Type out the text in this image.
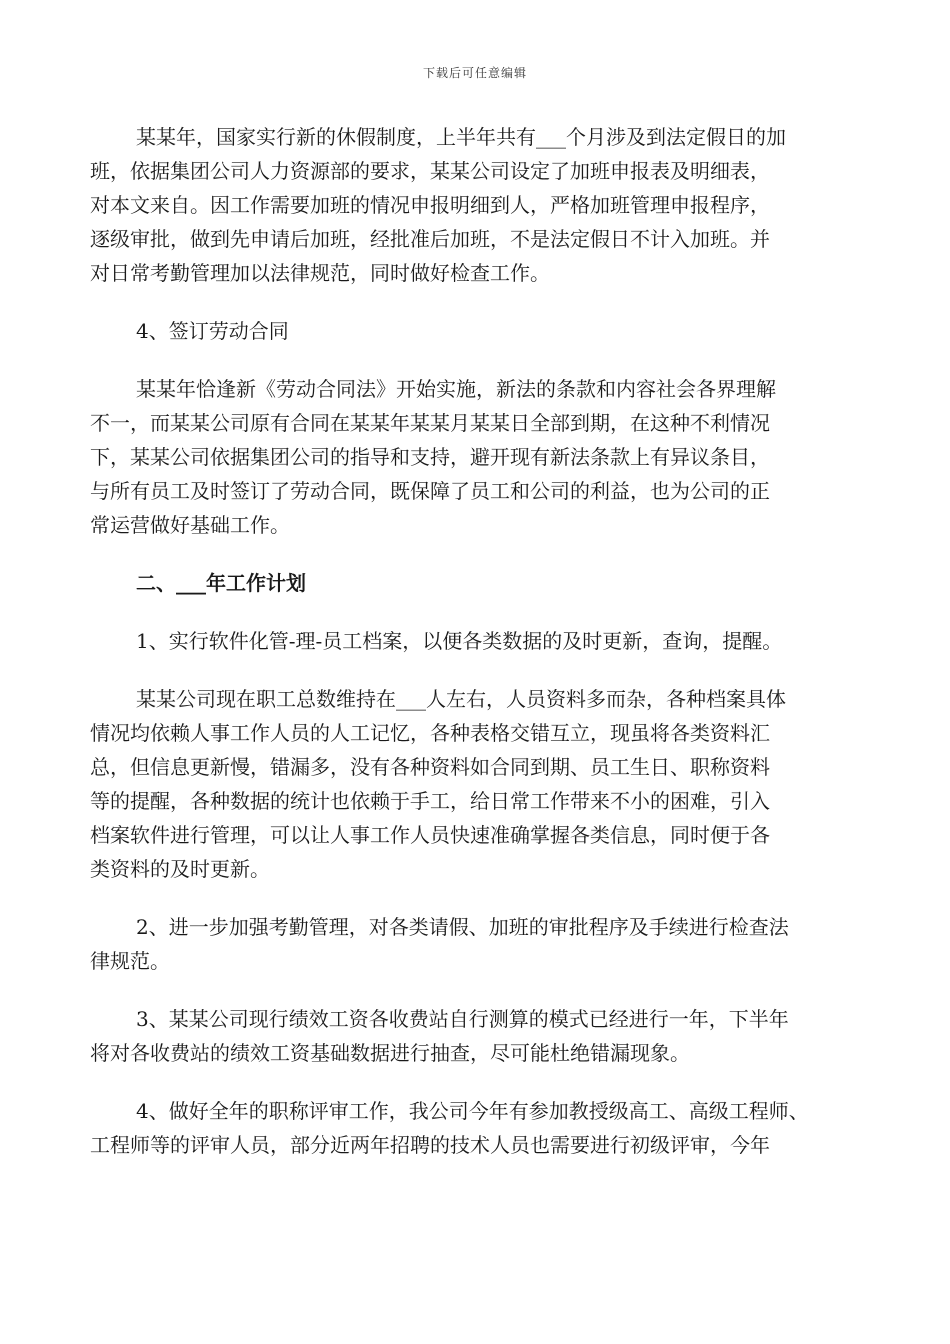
下载后可任意编辑
某某年，国家实行新的休假制度，上半年共有___个月涉及到法定假日的加
班，依据集团公司人力资源部的要求，某某公司设定了加班申报表及明细表，
对本文来自。因工作需要加班的情况申报明细到人，严格加班管理申报程序，
逐级审批，做到先申请后加班，经批准后加班，不是法定假日不计入加班。并
对日常考勤管理加以法律规范，同时做好检查工作。
4、签订劳动合同
某某年恰逢新《劳动合同法》开始实施，新法的条款和内容社会各界理解
不一，而某某公司原有合同在某某年某某月某某日全部到期，在这种不利情况
下，某某公司依据集团公司的指导和支持，避开现有新法条款上有异议条目，
与所有员工及时签订了劳动合同，既保障了员工和公司的利益，也为公司的正
常运营做好基础工作。
二、___年工作计划
1、实行软件化管-理-员工档案，以便各类数据的及时更新，查询，提醒。
某某公司现在职工总数维持在___人左右，人员资料多而杂，各种档案具体
情况均依赖人事工作人员的人工记忆，各种表格交错互立，现虽将各类资料汇
总，但信息更新慢，错漏多，没有各种资料如合同到期、员工生日、职称资料
等的提醒，各种数据的统计也依赖于手工，给日常工作带来不小的困难，引入
档案软件进行管理，可以让人事工作人员快速准确掌握各类信息，同时便于各
类资料的及时更新。
2、进一步加强考勤管理，对各类请假、加班的审批程序及手续进行检查法
律规范。
3、某某公司现行绩效工资各收费站自行测算的模式已经进行一年，下半年
将对各收费站的绩效工资基础数据进行抽查，尽可能杜绝错漏现象。
4、做好全年的职称评审工作，我公司今年有参加教授级高工、高级工程师、
工程师等的评审人员，部分近两年招聘的技术人员也需要进行初级评审，今年
